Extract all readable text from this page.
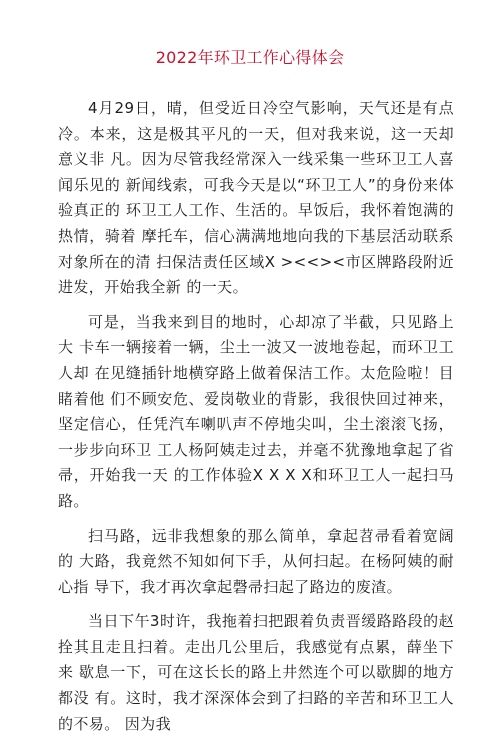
2022年环卫工作心得体会

4月29日，晴，但受近日冷空气影响，天气还是有点冷。本来，这是极其平凡的一天，但对我来说，这一天却意义非 凡。因为尽管我经常深入一线采集一些环卫工人喜闻乐见的 新闻线索，可我今天是以“环卫工人”的身份来体验真正的 环卫工人工作、生活的。早饭后，我怀着饱满的热情，骑着 摩托车，信心满满地地向我的下基层活动联系对象所在的清 扫保洁责任区域X ><<><市区牌路段附近进发，开始我全新 的一天。

可是，当我来到目的地时，心却凉了半截，只见路上大 卡车一辆接着一辆，尘土一波又一波地卷起，而环卫工人却 在见缝插针地横穿路上做着保洁工作。太危险啦！目睹着他 们不顾安危、爱岗敬业的背影，我很快回过神来，坚定信心，任凭汽车喇叭声不停地尖叫，尘土滚滚飞扬，一步步向环卫 工人杨阿姨走过去，并毫不犹豫地拿起了省帚，开始我一天 的工作体验X X X X和环卫工人一起扫马路。

扫马路，远非我想象的那么简单，拿起苕帚看着宽阔的 大路，我竟然不知如何下手，从何扫起。在杨阿姨的耐心指 导下，我才再次拿起磬帚扫起了路边的废渣。

当日下午3时许，我拖着扫把跟着负责晋缓路路段的赵 拴其且走且扫着。走出几公里后，我感觉有点累，薛坐下来 歇息一下，可在这长长的路上井然连个可以歇脚的地方都没 有。这时，我才深深体会到了扫路的辛苦和环卫工人的不易。 因为我
